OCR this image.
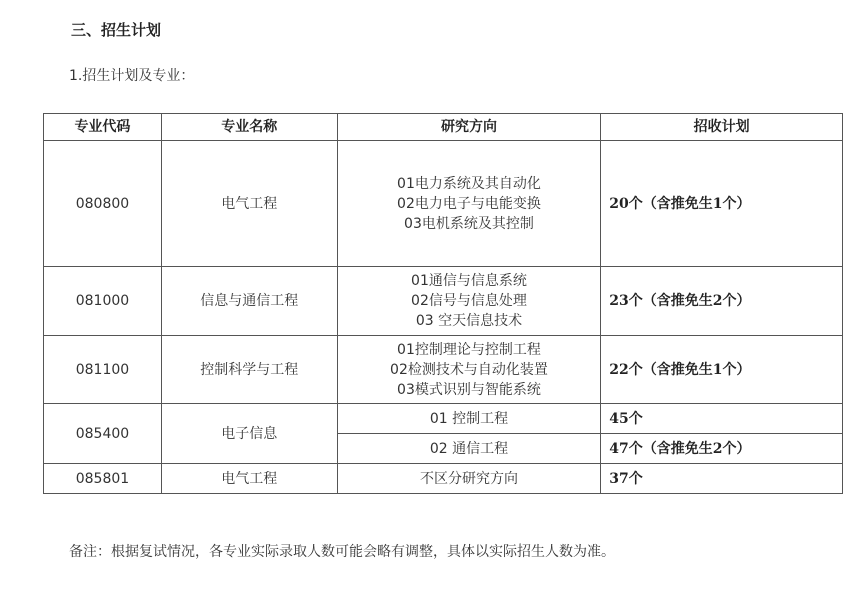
三、招生计划
1.招生计划及专业：
专业代码	专业名称	研究方向	招收计划
080800	电气工程	01电力系统及其自动化
02电力电子与电能变换
03电机系统及其控制	20个（含推免生1个）
081000	信息与通信工程	01通信与信息系统
02信号与信息处理
03 空天信息技术	23个（含推免生2个）
081100	控制科学与工程	01控制理论与控制工程
02检测技术与自动化装置
03模式识别与智能系统	22个（含推免生1个）
085400	电子信息	01 控制工程	45个
		02 通信工程	47个（含推免生2个）
085801	电气工程	不区分研究方向	37个
备注：根据复试情况，各专业实际录取人数可能会略有调整，具体以实际招生人数为准。
